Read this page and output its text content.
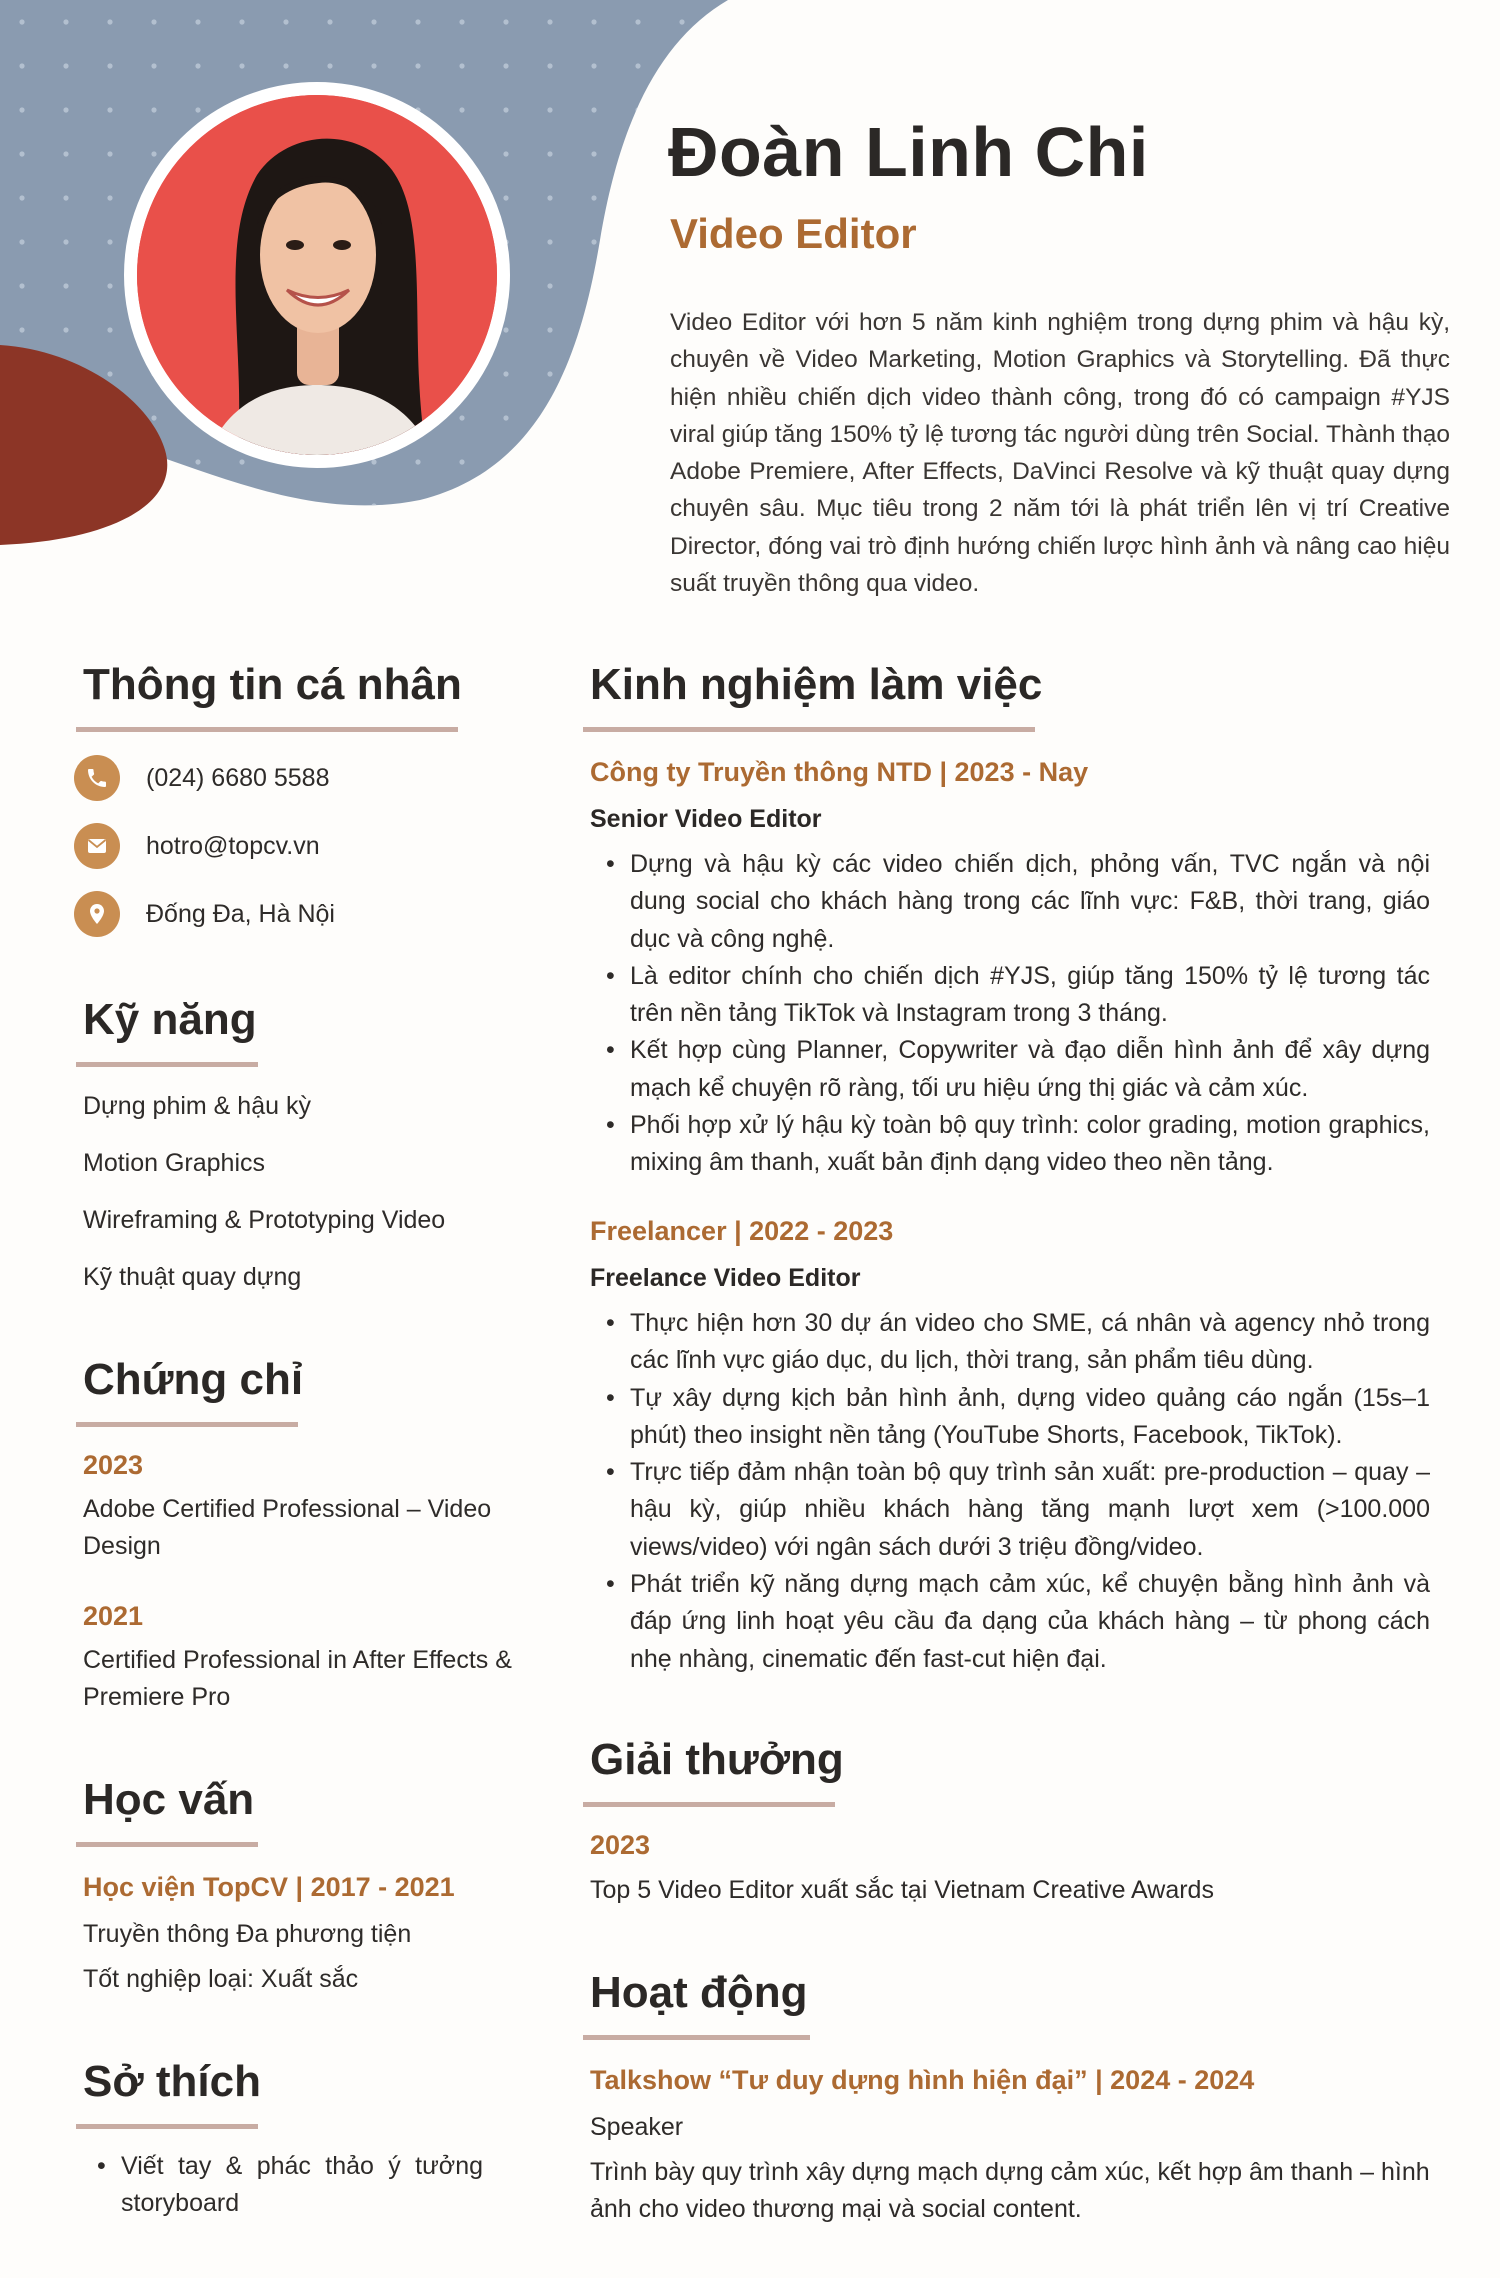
Đoàn Linh Chi
Video Editor
Video Editor với hơn 5 năm kinh nghiệm trong dựng phim và hậu kỳ, chuyên về Video Marketing, Motion Graphics và Storytelling. Đã thực hiện nhiều chiến dịch video thành công, trong đó có campaign #YJS viral giúp tăng 150% tỷ lệ tương tác người dùng trên Social. Thành thạo Adobe Premiere, After Effects, DaVinci Resolve và kỹ thuật quay dựng chuyên sâu. Mục tiêu trong 2 năm tới là phát triển lên vị trí Creative Director, đóng vai trò định hướng chiến lược hình ảnh và nâng cao hiệu suất truyền thông qua video.
Thông tin cá nhân
(024) 6680 5588
hotro@topcv.vn
Đống Đa, Hà Nội
Kỹ năng
Dựng phim & hậu kỳ
Motion Graphics
Wireframing & Prototyping Video
Kỹ thuật quay dựng
Chứng chỉ
2023
Adobe Certified Professional – Video Design
2021
Certified Professional in After Effects & Premiere Pro
Học vấn
Học viện TopCV | 2017 - 2021
Truyền thông Đa phương tiện
Tốt nghiệp loại: Xuất sắc
Sở thích
• Viết tay & phác thảo ý tưởng storyboard
Kinh nghiệm làm việc
Công ty Truyền thông NTD | 2023 - Nay
Senior Video Editor
• Dựng và hậu kỳ các video chiến dịch, phỏng vấn, TVC ngắn và nội dung social cho khách hàng trong các lĩnh vực: F&B, thời trang, giáo dục và công nghệ.
• Là editor chính cho chiến dịch #YJS, giúp tăng 150% tỷ lệ tương tác trên nền tảng TikTok và Instagram trong 3 tháng.
• Kết hợp cùng Planner, Copywriter và đạo diễn hình ảnh để xây dựng mạch kể chuyện rõ ràng, tối ưu hiệu ứng thị giác và cảm xúc.
• Phối hợp xử lý hậu kỳ toàn bộ quy trình: color grading, motion graphics, mixing âm thanh, xuất bản định dạng video theo nền tảng.
Freelancer | 2022 - 2023
Freelance Video Editor
• Thực hiện hơn 30 dự án video cho SME, cá nhân và agency nhỏ trong các lĩnh vực giáo dục, du lịch, thời trang, sản phẩm tiêu dùng.
• Tự xây dựng kịch bản hình ảnh, dựng video quảng cáo ngắn (15s–1 phút) theo insight nền tảng (YouTube Shorts, Facebook, TikTok).
• Trực tiếp đảm nhận toàn bộ quy trình sản xuất: pre-production – quay – hậu kỳ, giúp nhiều khách hàng tăng mạnh lượt xem (>100.000 views/video) với ngân sách dưới 3 triệu đồng/video.
• Phát triển kỹ năng dựng mạch cảm xúc, kể chuyện bằng hình ảnh và đáp ứng linh hoạt yêu cầu đa dạng của khách hàng – từ phong cách nhẹ nhàng, cinematic đến fast-cut hiện đại.
Giải thưởng
2023
Top 5 Video Editor xuất sắc tại Vietnam Creative Awards
Hoạt động
Talkshow “Tư duy dựng hình hiện đại” | 2024 - 2024
Speaker
Trình bày quy trình xây dựng mạch dựng cảm xúc, kết hợp âm thanh – hình ảnh cho video thương mại và social content.
